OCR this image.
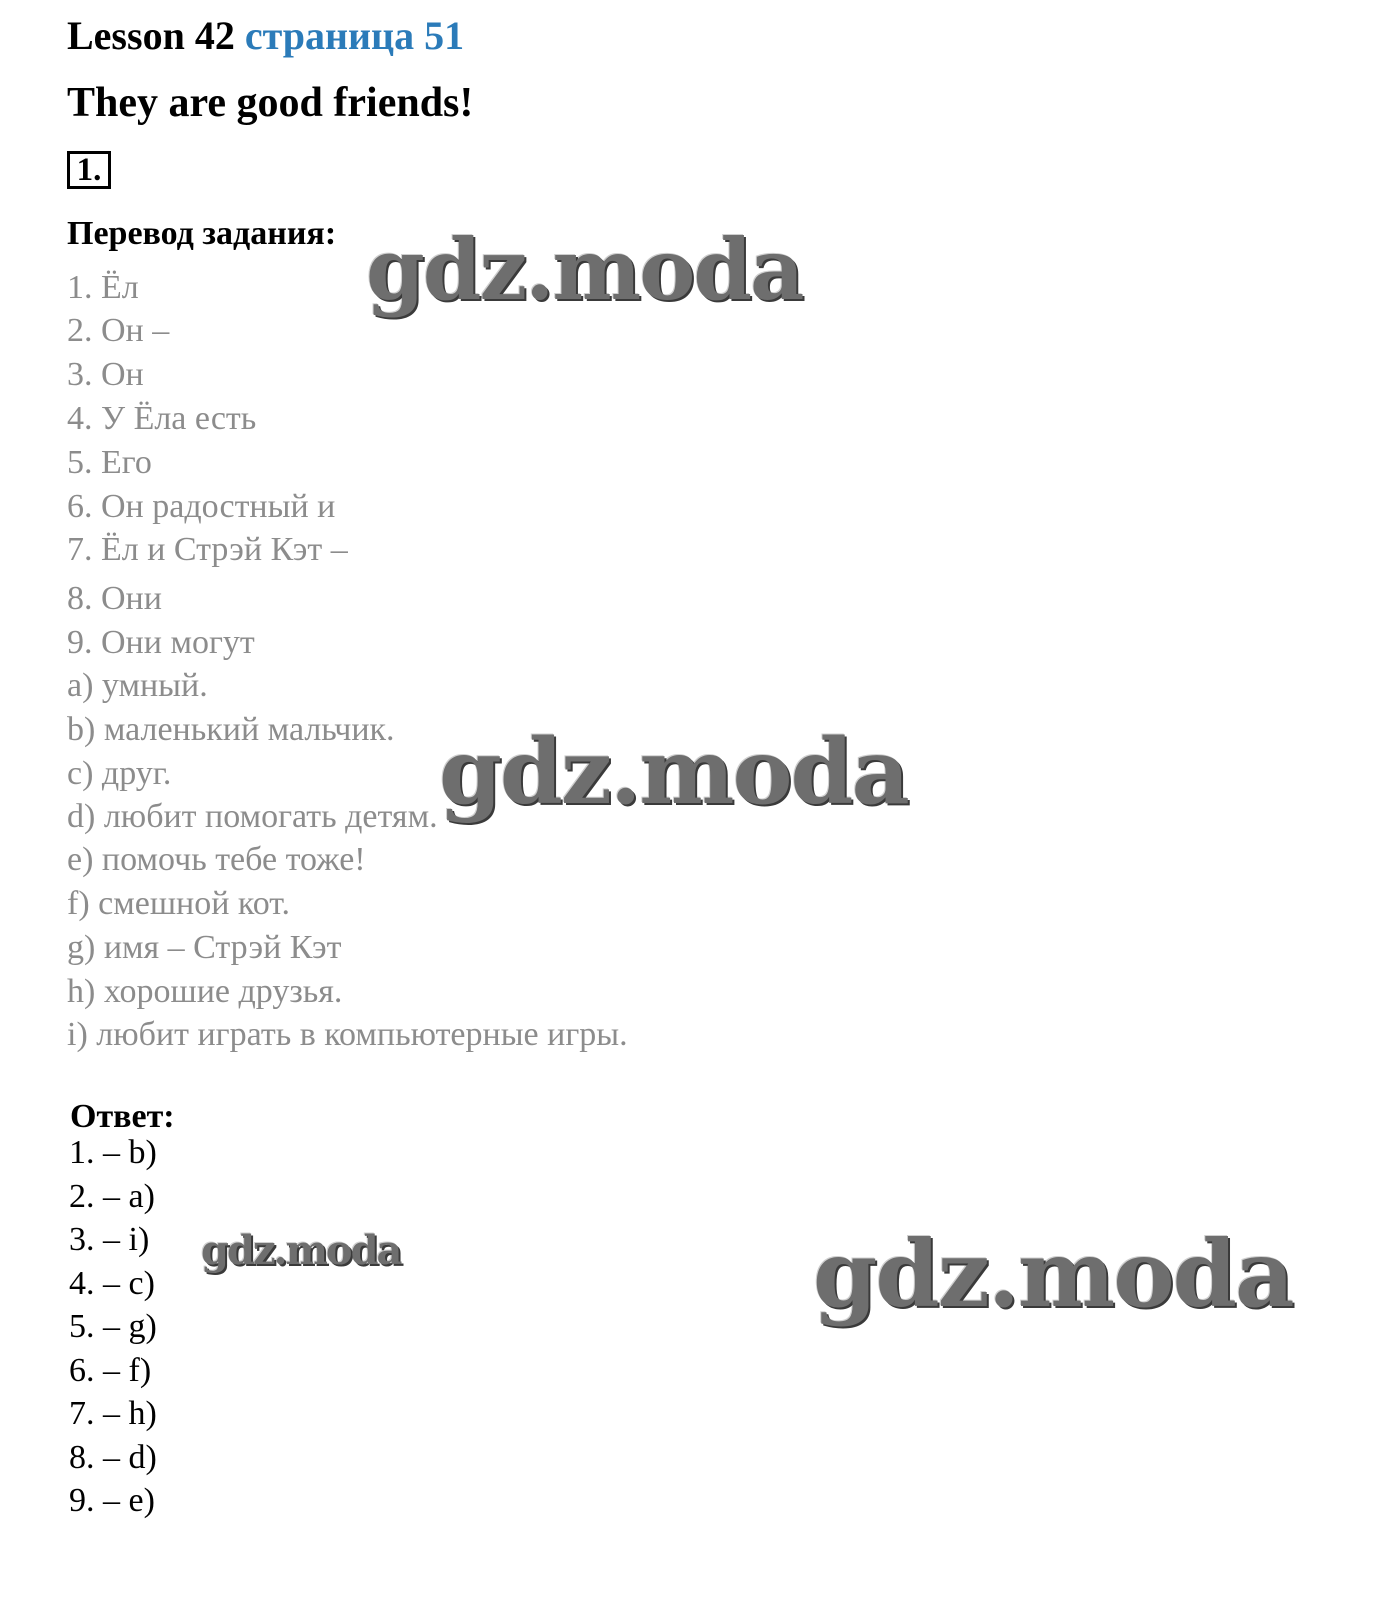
Lesson 42 страница 51
They are good friends!
1.
Перевод задания:
1. Ёл
2. Он –
3. Он
4. У Ёла есть
5. Его
6. Он радостный и
7. Ёл и Стрэй Кэт –
8. Они
9. Они могут
a) умный.
b) маленький мальчик.
c) друг.
d) любит помогать детям.
e) помочь тебе тоже!
f) смешной кот.
g) имя – Стрэй Кэт
h) хорошие друзья.
i) любит играть в компьютерные игры.
Ответ:
1. – b)
2. – a)
3. – i)
4. – c)
5. – g)
6. – f)
7. – h)
8. – d)
9. – e)
gdz.moda
gdz.moda
gdz.moda	gdz.moda
